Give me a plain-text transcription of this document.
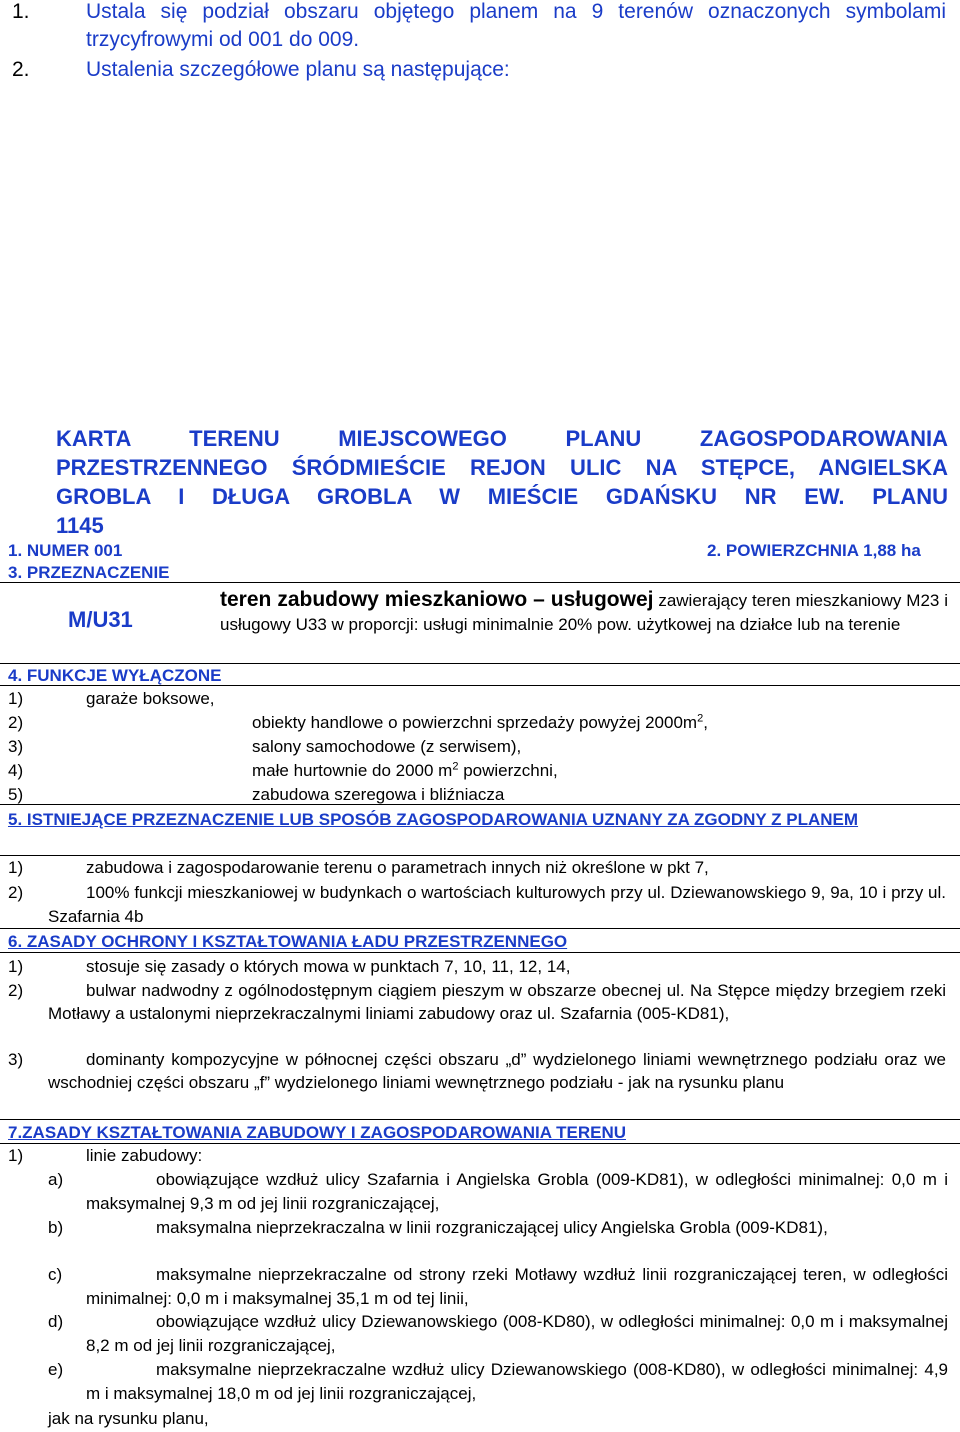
1.	Ustala się podział obszaru objętego planem na 9 terenów oznaczonych symbolami trzycyfrowymi od 001 do 009.
2.	Ustalenia szczegółowe planu są następujące:
KARTA TERENU MIEJSCOWEGO PLANU ZAGOSPODAROWANIA
PRZESTRZENNEGO ŚRÓDMIEŚCIE REJON ULIC NA STĘPCE, ANGIELSKA
GROBLA I DŁUGA GROBLA W MIEŚCIE GDAŃSKU NR EW. PLANU
1145
1. NUMER 001	2. POWIERZCHNIA 1,88 ha
3. PRZEZNACZENIE
M/U31
teren zabudowy mieszkaniowo – usługowej zawierający teren mieszkaniowy M23 i usługowy U33 w proporcji: usługi minimalnie 20% pow. użytkowej na działce lub na terenie
4. FUNKCJE WYŁĄCZONE
1)	garaże boksowe,
2)	obiekty handlowe o powierzchni sprzedaży powyżej $2000m^2$,
3)	salony samochodowe (z serwisem),
4)	małe hurtownie do 2000 $m^2$ powierzchni,
5)	zabudowa szeregowa i bliźniacza
5. ISTNIEJĄCE PRZEZNACZENIE LUB SPOSÓB ZAGOSPODAROWANIA UZNANY ZA ZGODNY Z PLANEM
1)	zabudowa i zagospodarowanie terenu o parametrach innych niż określone w pkt 7,
2)	100% funkcji mieszkaniowej w budynkach o wartościach kulturowych przy ul. Dziewanowskiego 9, 9a, 10 i przy ul. Szafarnia 4b
6. ZASADY OCHRONY I KSZTAŁTOWANIA ŁADU PRZESTRZENNEGO
1)	stosuje się zasady o których mowa w punktach 7, 10, 11, 12, 14,
2)	bulwar nadwodny z ogólnodostępnym ciągiem pieszym w obszarze obecnej ul. Na Stępce między brzegiem rzeki Motławy a ustalonymi nieprzekraczalnymi liniami zabudowy oraz ul. Szafarnia (005-KD81),
3)	dominanty kompozycyjne w północnej części obszaru „d” wydzielonego liniami wewnętrznego podziału oraz we wschodniej części obszaru „f” wydzielonego liniami wewnętrznego podziału - jak na rysunku planu
7.ZASADY KSZTAŁTOWANIA ZABUDOWY I ZAGOSPODAROWANIA TERENU
1)	linie zabudowy:
a)	obowiązujące wzdłuż ulicy Szafarnia i Angielska Grobla (009-KD81), w odległości minimalnej: 0,0 m i maksymalnej 9,3 m od jej linii rozgraniczającej,
b)	maksymalna nieprzekraczalna w linii rozgraniczającej ulicy Angielska Grobla (009-KD81),
c)	maksymalne nieprzekraczalne od strony rzeki Motławy wzdłuż linii rozgraniczającej teren, w odległości minimalnej: 0,0 m i maksymalnej 35,1 m od tej linii,
d)	obowiązujące wzdłuż ulicy Dziewanowskiego (008-KD80), w odległości minimalnej: 0,0 m i maksymalnej 8,2 m od jej linii rozgraniczającej,
e)	maksymalne nieprzekraczalne wzdłuż ulicy Dziewanowskiego (008-KD80), w odległości minimalnej: 4,9 m i maksymalnej 18,0 m od jej linii rozgraniczającej,
jak na rysunku planu,
